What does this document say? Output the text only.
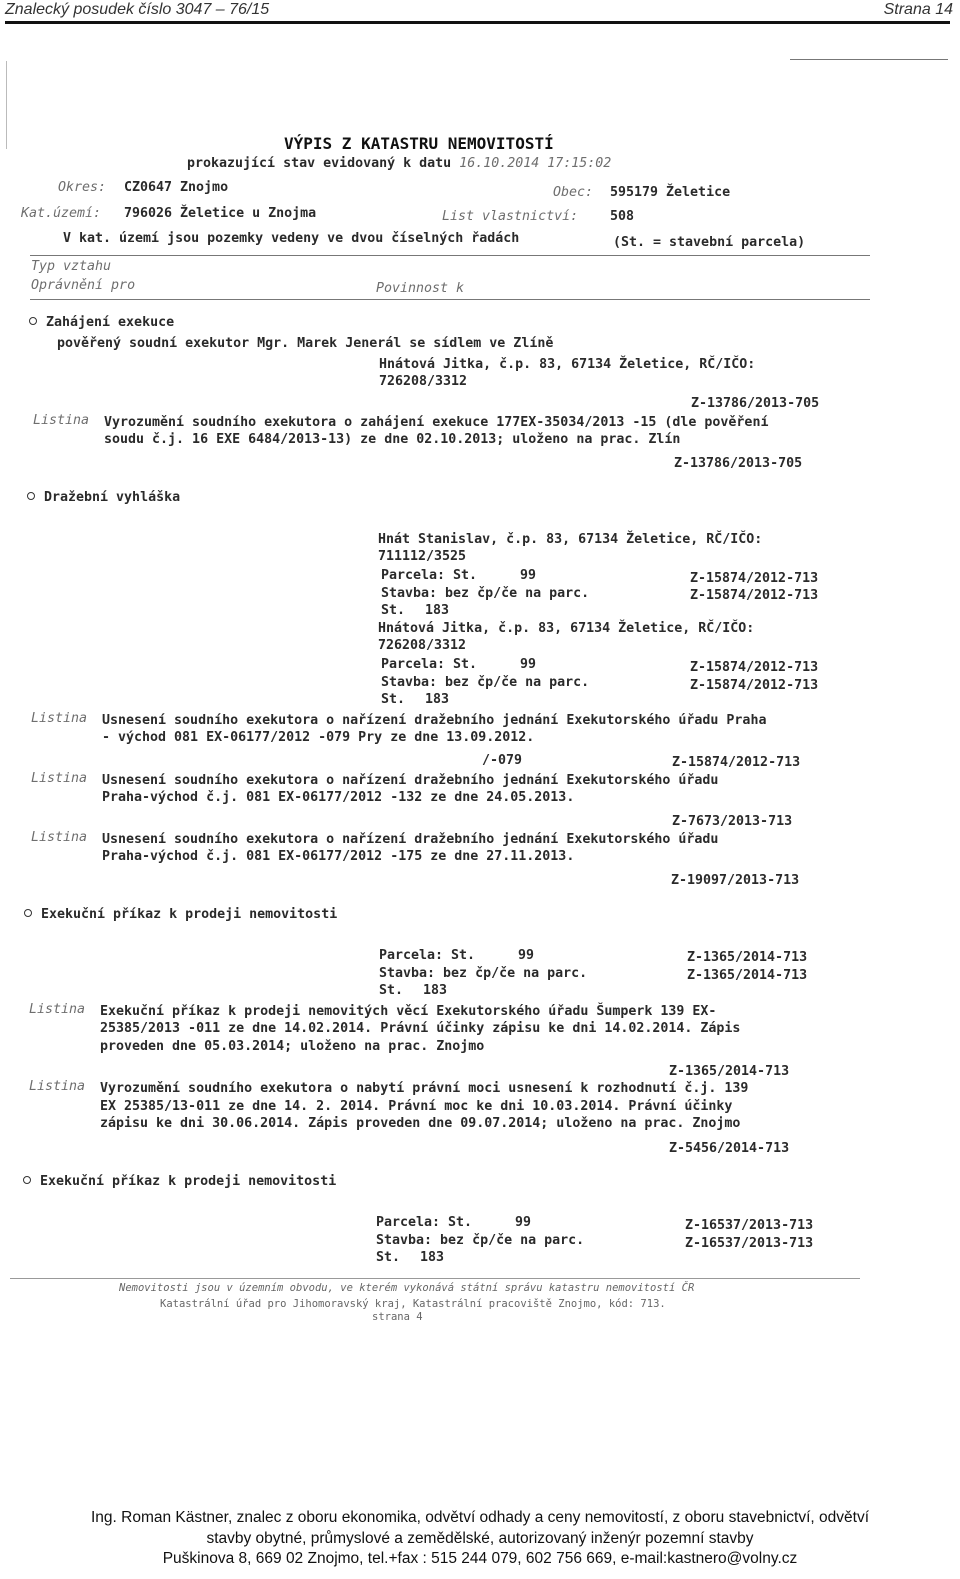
Znalecký posudek číslo 3047 – 76/15	Strana 14
VÝPIS Z KATASTRU NEMOVITOSTÍ
prokazující stav evidovaný k datu 16.10.2014 17:15:02
Okres: CZ0647 Znojmo	Obec: 595179 Želetice
Kat.území: 796026 Želetice u Znojma	List vlastnictví: 508
V kat. území jsou pozemky vedeny ve dvou číselných řadách	(St. = stavební parcela)
Typ vztahu
Oprávnění pro	Povinnost k
Zahájení exekuce
pověřený soudní exekutor Mgr. Marek Jenerál se sídlem ve Zlíně
Hnátová Jitka, č.p. 83, 67134 Želetice, RČ/IČO:
726208/3312
Z-13786/2013-705
Listina Vyrozumění soudního exekutora o zahájení exekuce 177EX-35034/2013 -15 (dle pověření
soudu č.j. 16 EXE 6484/2013-13) ze dne 02.10.2013; uloženo na prac. Zlín
Z-13786/2013-705
Dražební vyhláška
Hnát Stanislav, č.p. 83, 67134 Želetice, RČ/IČO:
711112/3525
Parcela: St.	99	Z-15874/2012-713
Stavba: bez čp/če na parc.	Z-15874/2012-713
St. 183
Hnátová Jitka, č.p. 83, 67134 Želetice, RČ/IČO:
726208/3312
Parcela: St.	99	Z-15874/2012-713
Stavba: bez čp/če na parc.	Z-15874/2012-713
St. 183
Listina Usnesení soudního exekutora o nařízení dražebního jednání Exekutorského úřadu Praha
- východ 081 EX-06177/2012 -079 Pry ze dne 13.09.2012.
/-079	Z-15874/2012-713
Listina Usnesení soudního exekutora o nařízení dražebního jednání Exekutorského úřadu
Praha-východ č.j. 081 EX-06177/2012 -132 ze dne 24.05.2013.
Z-7673/2013-713
Listina Usnesení soudního exekutora o nařízení dražebního jednání Exekutorského úřadu
Praha-východ č.j. 081 EX-06177/2012 -175 ze dne 27.11.2013.
Z-19097/2013-713
Exekuční příkaz k prodeji nemovitosti
Parcela: St.	99	Z-1365/2014-713
Stavba: bez čp/če na parc.	Z-1365/2014-713
St. 183
Listina Exekuční příkaz k prodeji nemovitých věcí Exekutorského úřadu Šumperk 139 EX-
25385/2013 -011 ze dne 14.02.2014. Právní účinky zápisu ke dni 14.02.2014. Zápis
proveden dne 05.03.2014; uloženo na prac. Znojmo
Z-1365/2014-713
Listina Vyrozumění soudního exekutora o nabytí právní moci usnesení k rozhodnutí č.j. 139
EX 25385/13-011 ze dne 14. 2. 2014. Právní moc ke dni 10.03.2014. Právní účinky
zápisu ke dni 30.06.2014. Zápis proveden dne 09.07.2014; uloženo na prac. Znojmo
Z-5456/2014-713
Exekuční příkaz k prodeji nemovitosti
Parcela: St.	99	Z-16537/2013-713
Stavba: bez čp/če na parc.	Z-16537/2013-713
St. 183
Nemovitosti jsou v územním obvodu, ve kterém vykonává státní správu katastru nemovitostí ČR
Katastrální úřad pro Jihomoravský kraj, Katastrální pracoviště Znojmo, kód: 713.
strana 4
Ing. Roman Kästner, znalec z oboru ekonomika, odvětví odhady a ceny nemovitostí, z oboru stavebnictví, odvětví
stavby obytné, průmyslové a zemědělské, autorizovaný inženýr pozemní stavby
Puškinova 8, 669 02 Znojmo, tel.+fax : 515 244 079, 602 756 669, e-mail:kastnero@volny.cz
